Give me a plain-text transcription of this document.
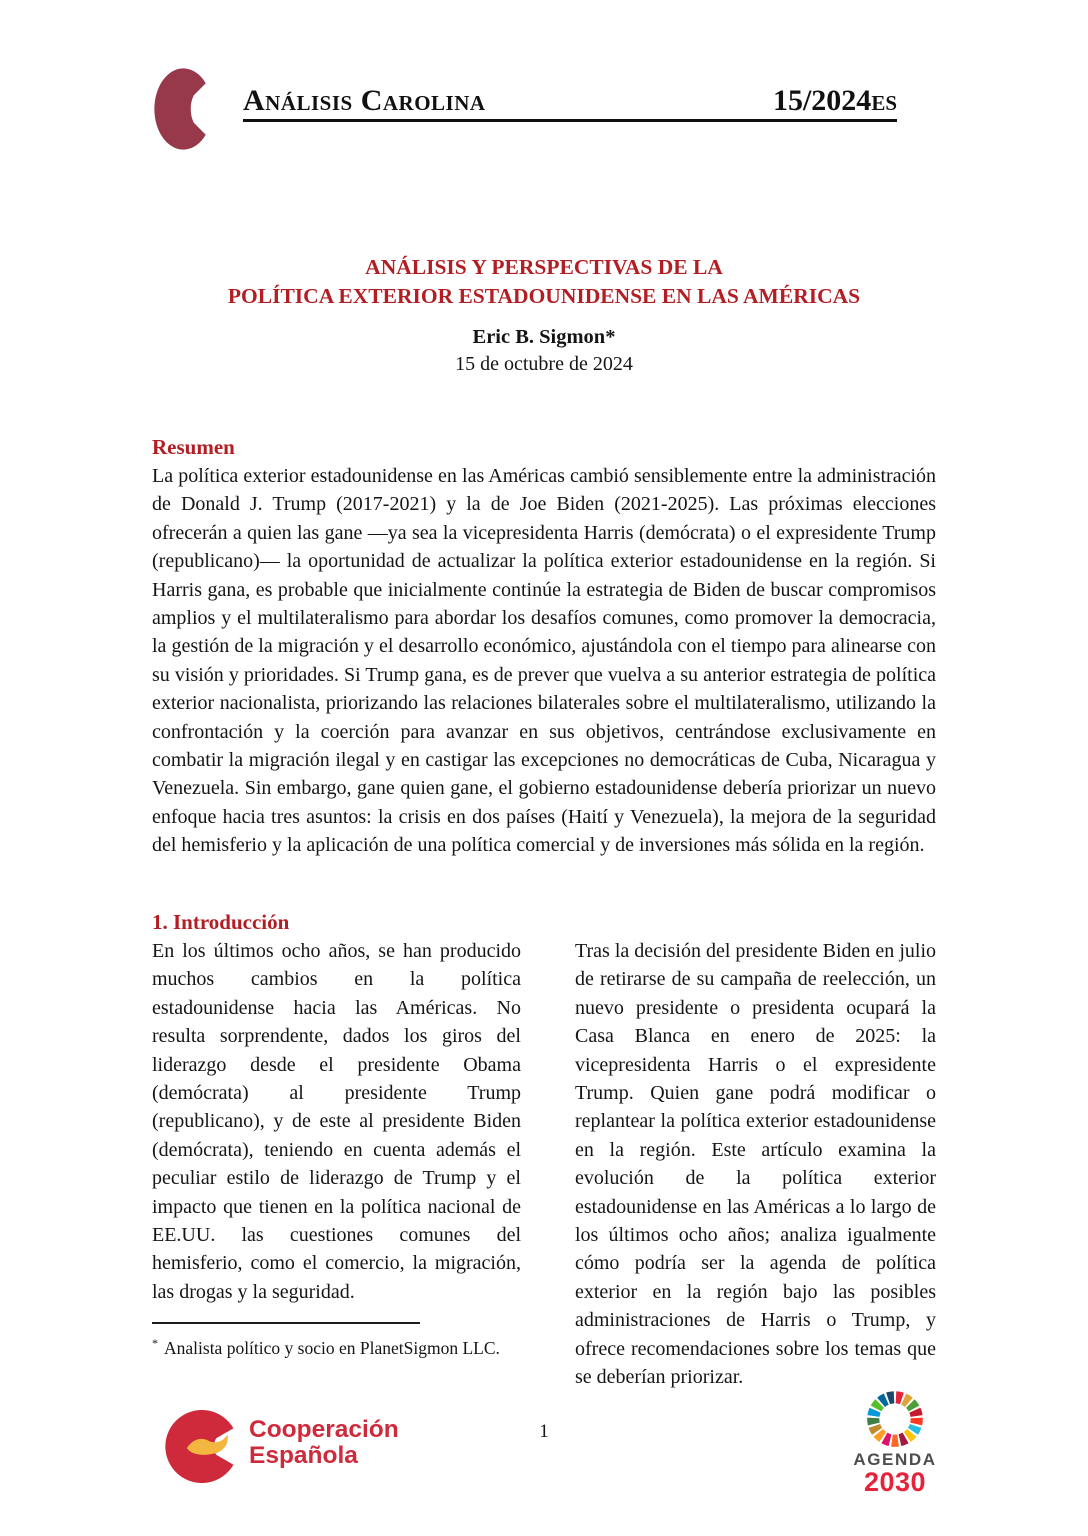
Análisis Carolina	15/2024ES
ANÁLISIS Y PERSPECTIVAS DE LA
POLÍTICA EXTERIOR ESTADOUNIDENSE EN LAS AMÉRICAS
Eric B. Sigmon*
15 de octubre de 2024
Resumen

La política exterior estadounidense en las Américas cambió sensiblemente entre la administración de Donald J. Trump (2017-2021) y la de Joe Biden (2021-2025). Las próximas elecciones ofrecerán a quien las gane —ya sea la vicepresidenta Harris (demócrata) o el expresidente Trump (republicano)— la oportunidad de actualizar la política exterior estadounidense en la región. Si Harris gana, es probable que inicialmente continúe la estrategia de Biden de buscar compromisos amplios y el multilateralismo para abordar los desafíos comunes, como promover la democracia, la gestión de la migración y el desarrollo económico, ajustándola con el tiempo para alinearse con su visión y prioridades. Si Trump gana, es de prever que vuelva a su anterior estrategia de política exterior nacionalista, priorizando las relaciones bilaterales sobre el multilateralismo, utilizando la confrontación y la coerción para avanzar en sus objetivos, centrándose exclusivamente en combatir la migración ilegal y en castigar las excepciones no democráticas de Cuba, Nicaragua y Venezuela. Sin embargo, gane quien gane, el gobierno estadounidense debería priorizar un nuevo enfoque hacia tres asuntos: la crisis en dos países (Haití y Venezuela), la mejora de la seguridad del hemisferio y la aplicación de una política comercial y de inversiones más sólida en la región.

1. Introducción

En los últimos ocho años, se han producido muchos cambios en la política estadounidense hacia las Américas. No resulta sorprendente, dados los giros del liderazgo desde el presidente Obama (demócrata) al presidente Trump (republicano), y de este al presidente Biden (demócrata), teniendo en cuenta además el peculiar estilo de liderazgo de Trump y el impacto que tienen en la política nacional de EE.UU. las cuestiones comunes del hemisferio, como el comercio, la migración, las drogas y la seguridad.

* Analista político y socio en PlanetSigmon LLC.

Tras la decisión del presidente Biden en julio de retirarse de su campaña de reelección, un nuevo presidente o presidenta ocupará la Casa Blanca en enero de 2025: la vicepresidenta Harris o el expresidente Trump. Quien gane podrá modificar o replantear la política exterior estadounidense en la región. Este artículo examina la evolución de la política exterior estadounidense en las Américas a lo largo de los últimos ocho años; analiza igualmente cómo podría ser la agenda de política exterior en la región bajo las posibles administraciones de Harris o Trump, y ofrece recomendaciones sobre los temas que se deberían priorizar.

Cooperación
Española
1
AGENDA
2030
